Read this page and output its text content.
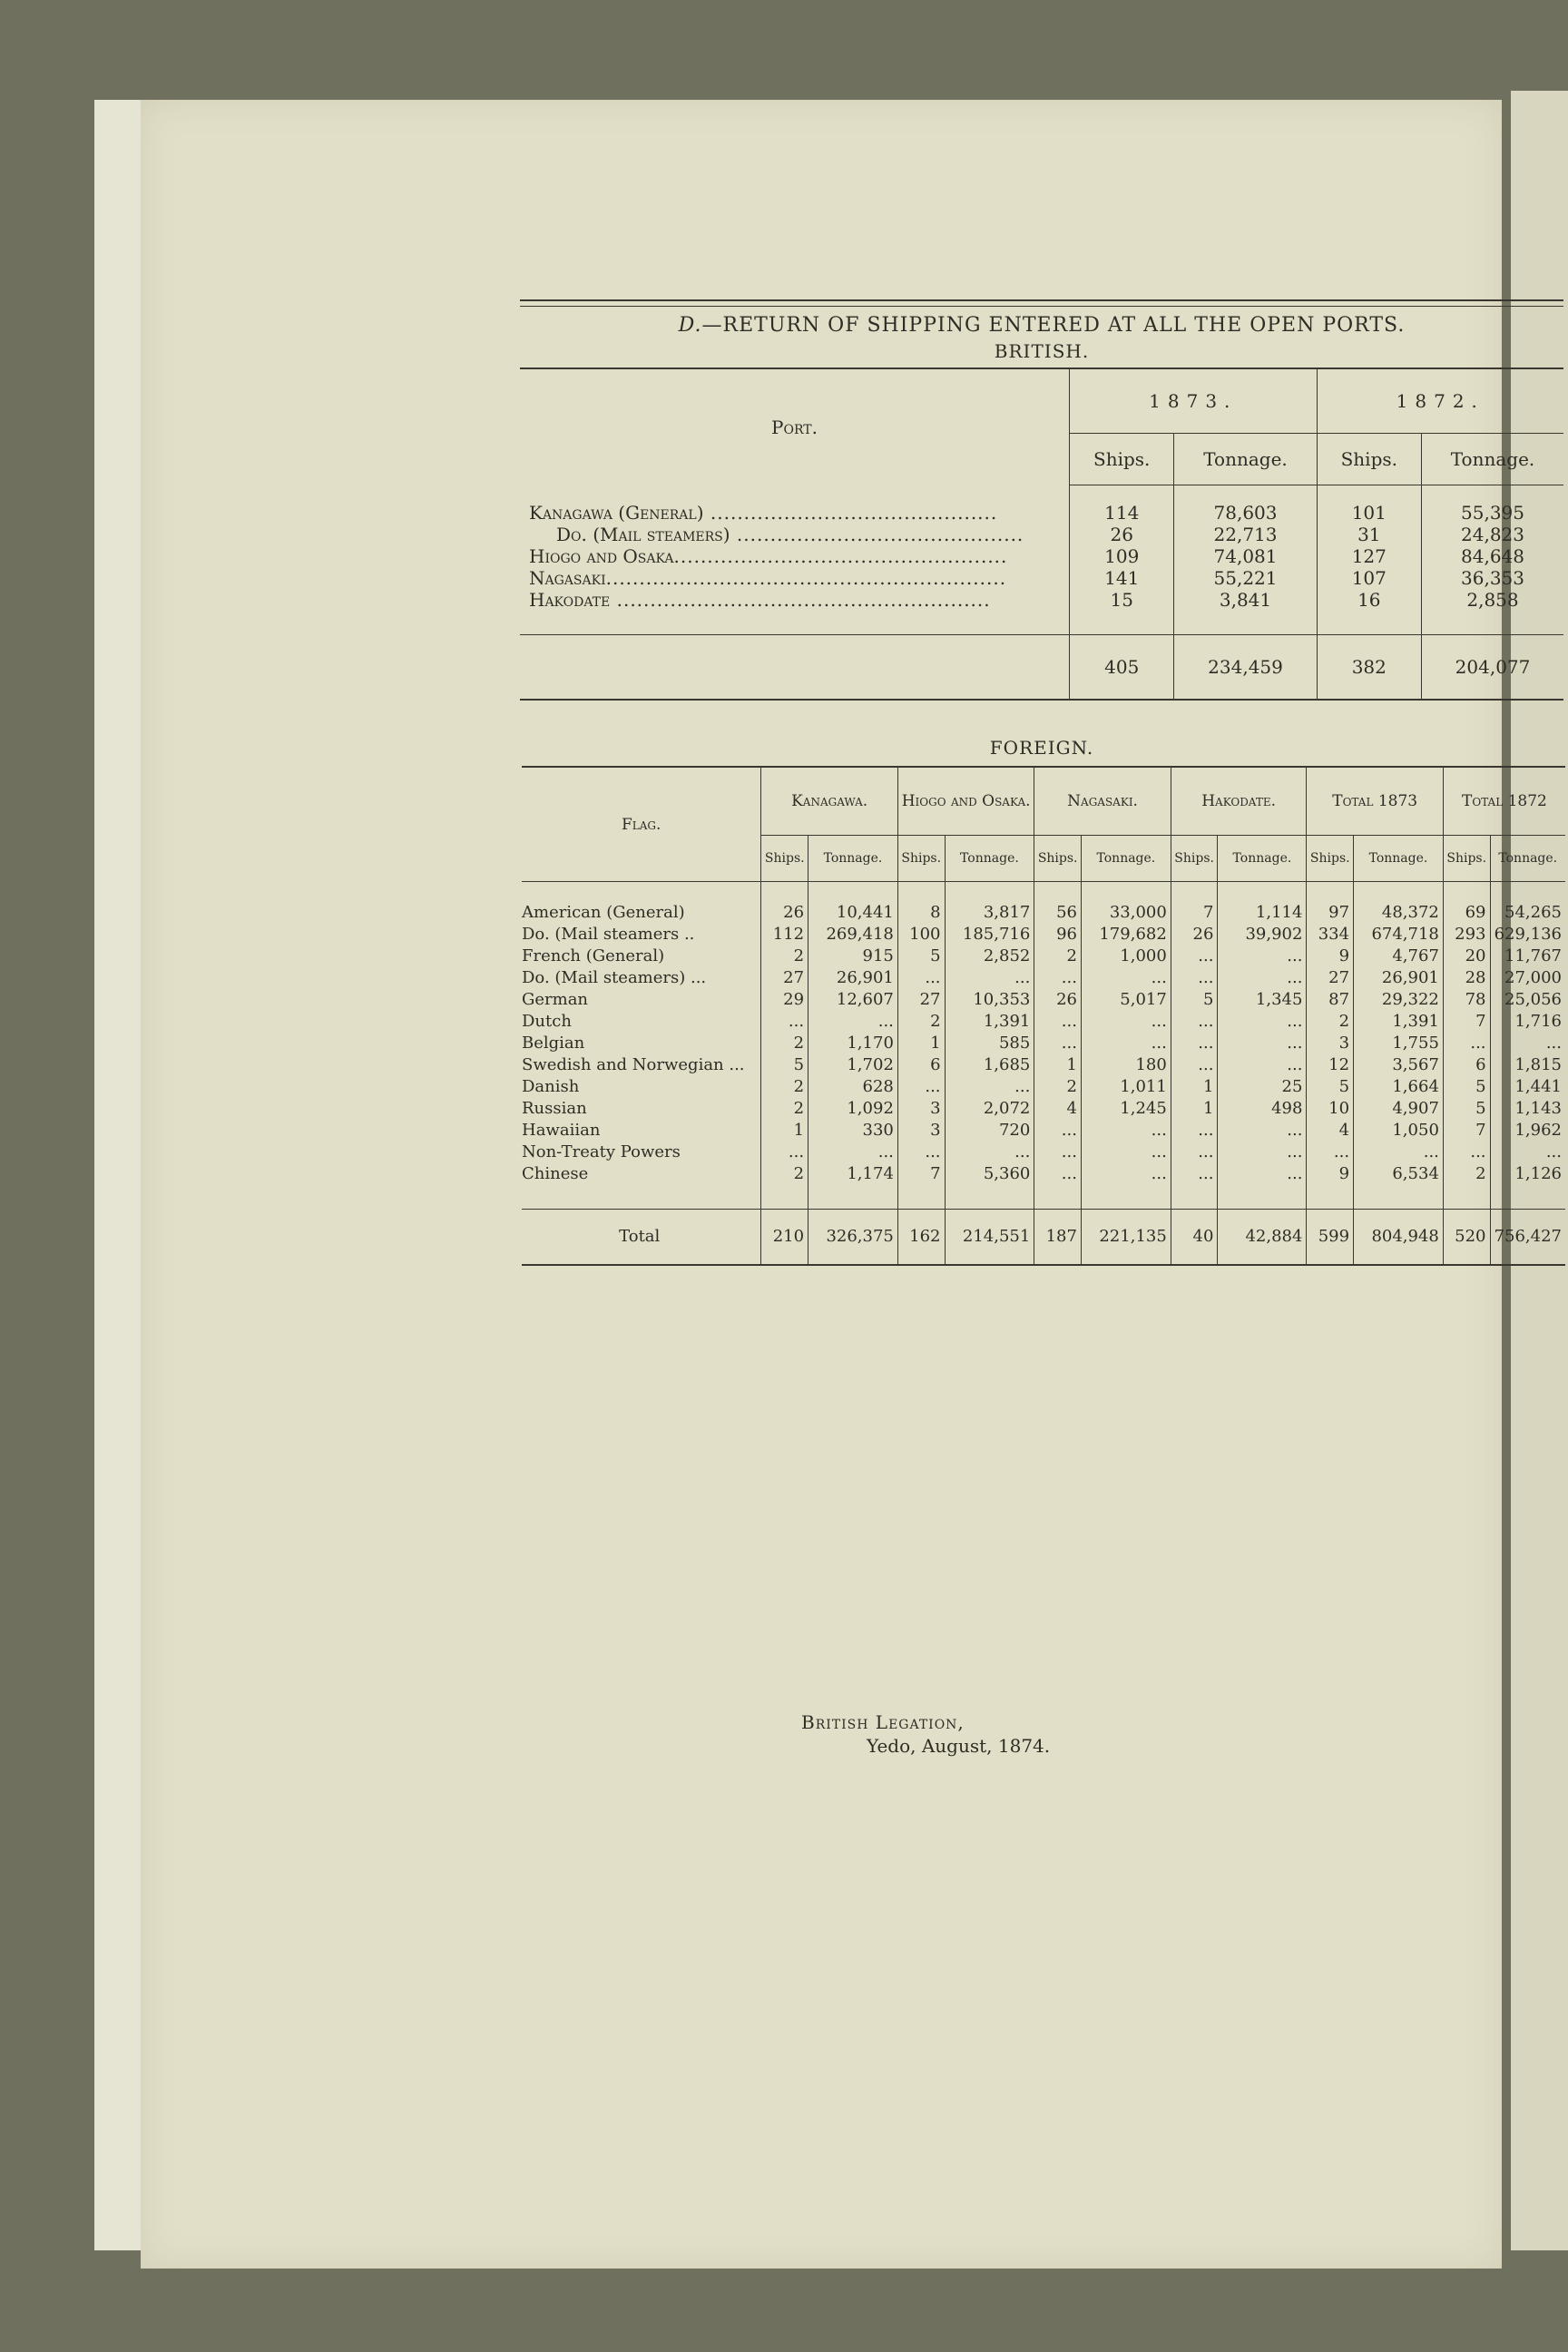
D.—RETURN OF SHIPPING ENTERED AT ALL THE OPEN PORTS.
BRITISH.
Port.	1873.		1872.	
	Ships.	Tonnage.	Ships.	Tonnage.
Kanagawa (General) ...........................................	114	78,603	101	55,395
Do. (Mail steamers) ...........................................	26	22,713	31	24,823
Hiogo and Osaka..................................................	109	74,081	127	84,648
Nagasaki............................................................	141	55,221	107	36,353
Hakodate ........................................................	15	3,841	16	2,858
	405	234,459	382	204,077
FOREIGN.
Flag.	Kanagawa.		Hiogo and Osaka.		Nagasaki.		Hakodate.		Total 1873		Total 1872	
	Ships.	Tonnage.	Ships.	Tonnage.	Ships.	Tonnage.	Ships.	Tonnage.	Ships.	Tonnage.	Ships.	Tonnage.
American (General)	26	10,441	8	3,817	56	33,000	7	1,114	97	48,372	69	54,265
Do. (Mail steamers ..	112	269,418	100	185,716	96	179,682	26	39,902	334	674,718	293	629,136
French (General)	2	915	5	2,852	2	1,000	...	...	9	4,767	20	11,767
Do. (Mail steamers) ...	27	26,901	...	...	...	...	...	...	27	26,901	28	27,000
German	29	12,607	27	10,353	26	5,017	5	1,345	87	29,322	78	25,056
Dutch	...	...	2	1,391	...	...	...	...	2	1,391	7	1,716
Belgian	2	1,170	1	585	...	...	...	...	3	1,755	...	...
Swedish and Norwegian ...	5	1,702	6	1,685	1	180	...	...	12	3,567	6	1,815
Danish	2	628	...	...	2	1,011	1	25	5	1,664	5	1,441
Russian	2	1,092	3	2,072	4	1,245	1	498	10	4,907	5	1,143
Hawaiian	1	330	3	720	...	...	...	...	4	1,050	7	1,962
Non-Treaty Powers	...	...	...	...	...	...	...	...	...	...	...	...
Chinese	2	1,174	7	5,360	...	...	...	...	9	6,534	2	1,126
Total	210	326,375	162	214,551	187	221,135	40	42,884	599	804,948	520	756,427
British Legation,
Yedo, August, 1874.
